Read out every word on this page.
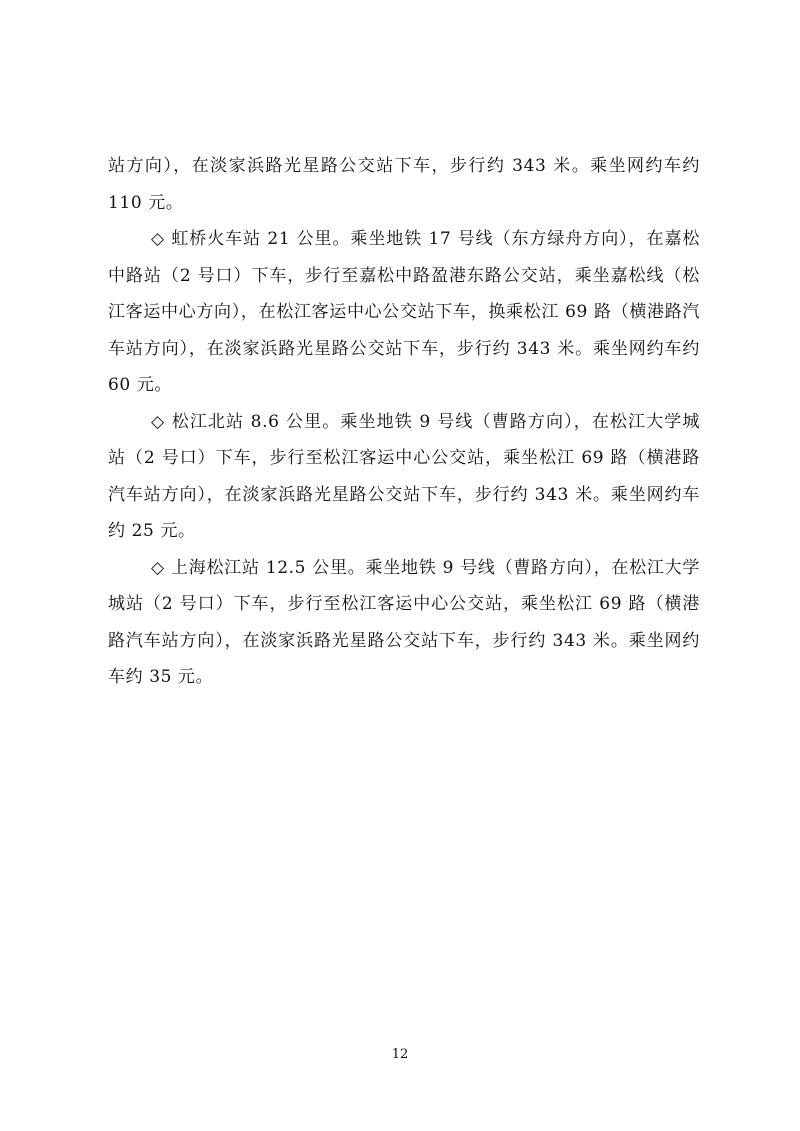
站方向），在淡家浜路光星路公交站下车，步行约 343 米。乘坐网约车约 110 元。

◇ 虹桥火车站 21 公里。乘坐地铁 17 号线（东方绿舟方向），在嘉松中路站（2 号口）下车，步行至嘉松中路盈港东路公交站，乘坐嘉松线（松江客运中心方向），在松江客运中心公交站下车，换乘松江 69 路（横港路汽车站方向），在淡家浜路光星路公交站下车，步行约 343 米。乘坐网约车约 60 元。

◇ 松江北站 8.6 公里。乘坐地铁 9 号线（曹路方向），在松江大学城站（2 号口）下车，步行至松江客运中心公交站，乘坐松江 69 路（横港路汽车站方向），在淡家浜路光星路公交站下车，步行约 343 米。乘坐网约车约 25 元。

◇ 上海松江站 12.5 公里。乘坐地铁 9 号线（曹路方向），在松江大学城站（2 号口）下车，步行至松江客运中心公交站，乘坐松江 69 路（横港路汽车站方向），在淡家浜路光星路公交站下车，步行约 343 米。乘坐网约车约 35 元。

12
